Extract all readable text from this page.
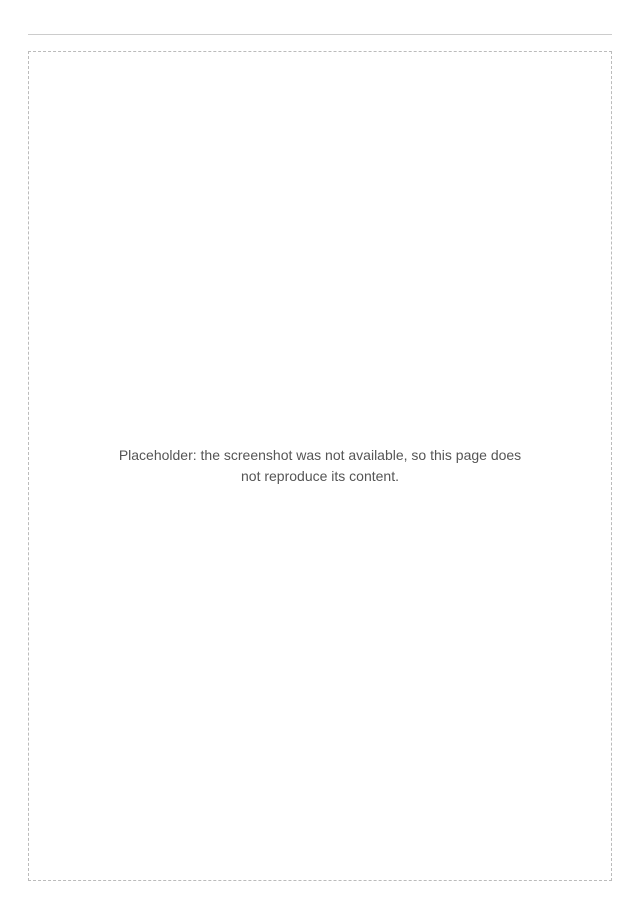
Placeholder: the screenshot was not available, so this page does not reproduce its content.
